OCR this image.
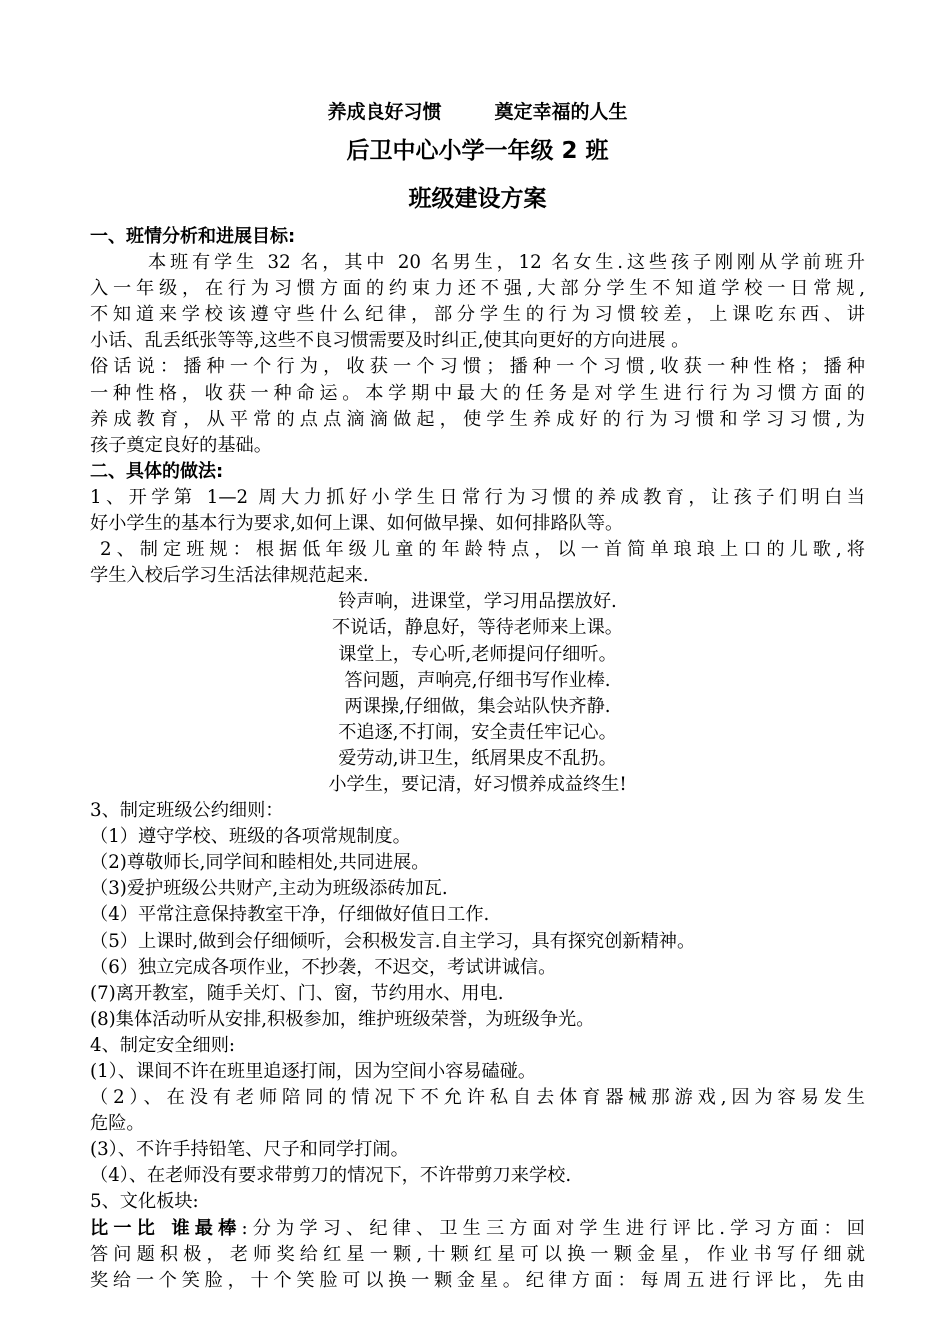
养成良好习惯        奠定幸福的人生
后卫中心小学一年级 2 班
班级建设方案
一、班情分析和进展目标:
本班有学生 32 名，其中 20 名男生，12 名女生.这些孩子刚刚从学前班升
入一年级，在行为习惯方面的约束力还不强,大部分学生不知道学校一日常规,
不知道来学校该遵守些什么纪律，部分学生的行为习惯较差，上课吃东西、讲
小话、乱丢纸张等等,这些不良习惯需要及时纠正,使其向更好的方向进展 。
俗话说：播种一个行为，收获一个习惯；播种一个习惯,收获一种性格；播种
一种性格，收获一种命运。本学期中最大的任务是对学生进行行为习惯方面的
养成教育，从平常的点点滴滴做起，使学生养成好的行为习惯和学习习惯,为
孩子奠定良好的基础。
二、具体的做法:
1、开学第 1—2 周大力抓好小学生日常行为习惯的养成教育，让孩子们明白当
好小学生的基本行为要求,如何上课、如何做早操、如何排路队等。
2、制定班规：根据低年级儿童的年龄特点，以一首简单琅琅上口的儿歌,将
学生入校后学习生活法律规范起来.
铃声响，进课堂，学习用品摆放好.
不说话，静息好，等待老师来上课。
课堂上，专心听,老师提问仔细听。
答问题，声响亮,仔细书写作业棒.
两课操,仔细做，集会站队快齐静.
不追逐,不打闹，安全责任牢记心。
爱劳动,讲卫生，纸屑果皮不乱扔。
小学生，要记清，好习惯养成益终生!
3、制定班级公约细则：
（1）遵守学校、班级的各项常规制度。
（2)尊敬师长,同学间和睦相处,共同进展。
（3)爱护班级公共财产,主动为班级添砖加瓦.
（4）平常注意保持教室干净，仔细做好值日工作.
（5）上课时,做到会仔细倾听，会积极发言.自主学习，具有探究创新精神。
（6）独立完成各项作业，不抄袭，不迟交，考试讲诚信。
(7)离开教室，随手关灯、门、窗，节约用水、用电.
(8)集体活动听从安排,积极参加，维护班级荣誉，为班级争光。
4、制定安全细则:
(1）、课间不许在班里追逐打闹，因为空间小容易磕碰。
（2）、在没有老师陪同的情况下不允许私自去体育器械那游戏,因为容易发生
危险。
(3）、不许手持铅笔、尺子和同学打闹。
（4）、在老师没有要求带剪刀的情况下，不许带剪刀来学校.
5、文化板块:
比一比 谁最棒:分为学习、纪律、卫生三方面对学生进行评比.学习方面：回
答问题积极，老师奖给红星一颗,十颗红星可以换一颗金星，作业书写仔细就
奖给一个笑脸，十个笑脸可以换一颗金星。纪律方面：每周五进行评比，先由
